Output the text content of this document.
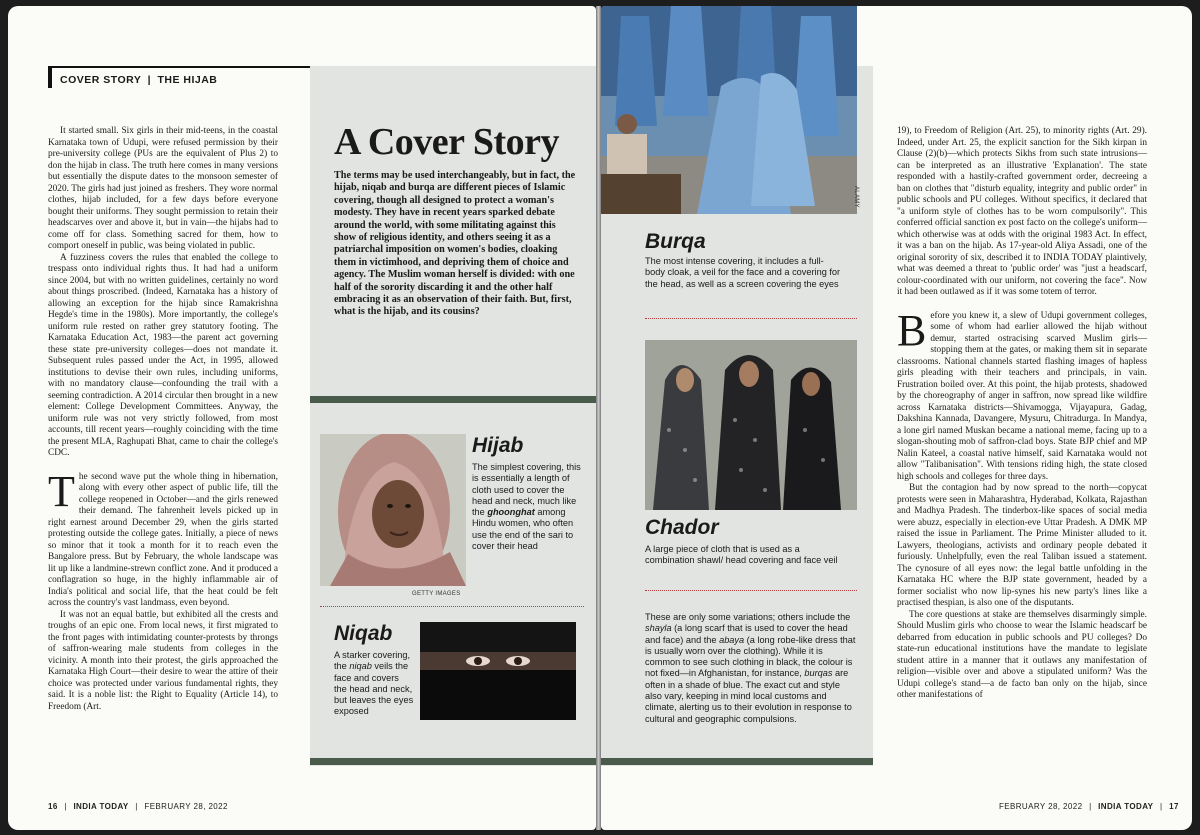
COVER STORY | THE HIJAB

It started small. Six girls in their mid-teens, in the coastal Karnataka town of Udupi, were refused permission by their pre-university college (PUs are the equivalent of Plus 2) to don the hijab in class. The truth here comes in many versions but essentially the dispute dates to the monsoon semester of 2020. The girls had just joined as freshers. They wore normal clothes, hijab included, for a few days before everyone bought their uniforms. They sought permission to retain their headscarves over and above it, but in vain—the hijabs had to come off for class. Something sacred for them, how to comport oneself in public, was being violated in public.

A fuzziness covers the rules that enabled the college to trespass onto individual rights thus. It had had a uniform since 2004, but with no written guidelines, certainly no word about things proscribed. (Indeed, Karnataka has a history of allowing an exception for the hijab since Ramakrishna Hegde's time in the 1980s). More importantly, the college's uniform rule rested on rather grey statutory footing. The Karnataka Education Act, 1983—the parent act governing these state pre-university colleges—does not mandate it. Subsequent rules passed under the Act, in 1995, allowed institutions to devise their own rules, including uniforms, with no mandatory clause—confounding the trail with a seeming contradiction. A 2014 circular then brought in a new element: College Development Committees. Anyway, the uniform rule was not very strictly followed, from most accounts, till recent years—roughly coinciding with the time the present MLA, Raghupati Bhat, came to chair the college's CDC.

The second wave put the whole thing in hibernation, along with every other aspect of public life, till the college reopened in October—and the girls renewed their demand. The fahrenheit levels picked up in right earnest around December 29, when the girls started protesting outside the college gates. Initially, a piece of news so minor that it took a month for it to reach even the Bangalore press. But by February, the whole landscape was lit up like a landmine-strewn conflict zone. And it produced a conflagration so huge, in the highly inflammable air of India's political and social life, that the heat could be felt across the country's vast landmass, even beyond.

It was not an equal battle, but exhibited all the crests and troughs of an epic one. From local news, it first migrated to the front pages with intimidating counter-protests by throngs of saffron-wearing male students from colleges in the vicinity. A month into their protest, the girls approached the Karnataka High Court—their desire to wear the attire of their choice was protected under various fundamental rights, they said. It is a noble list: the Right to Equality (Article 14), to Freedom (Art.

A Cover Story
The terms may be used interchangeably, but in fact, the hijab, niqab and burqa are different pieces of Islamic covering, though all designed to protect a woman's modesty. They have in recent years sparked debate around the world, with some militating against this show of religious identity, and others seeing it as a patriarchal imposition on women's bodies, cloaking them in victimhood, and depriving them of choice and agency. The Muslim woman herself is divided: with one half of the sorority discarding it and the other half embracing it as an observation of their faith. But, first, what is the hijab, and its cousins?
GETTY IMAGES
Hijab
The simplest covering, this is essentially a length of cloth used to cover the head and neck, much like the ghoonghat among Hindu women, who often use the end of the sari to cover their head
Niqab
A starker covering, the niqab veils the face and covers the head and neck, but leaves the eyes exposed
16 | INDIA TODAY | FEBRUARY 28, 2022
ALAMY
Burqa
The most intense covering, it includes a full-body cloak, a veil for the face and a covering for the head, as well as a screen covering the eyes
Chador
A large piece of cloth that is used as a combination shawl/ head covering and face veil
These are only some variations; others include the shayla (a long scarf that is used to cover the head and face) and the abaya (a long robe-like dress that is usually worn over the clothing). While it is common to see such clothing in black, the colour is not fixed—in Afghanistan, for instance, burqas are often in a shade of blue. The exact cut and style also vary, keeping in mind local customs and climate, alerting us to their evolution in response to cultural and geographic compulsions.

19), to Freedom of Religion (Art. 25), to minority rights (Art. 29). Indeed, under Art. 25, the explicit sanction for the Sikh kirpan in Clause (2)(b)—which protects Sikhs from such state intrusions—can be interpreted as an illustrative 'Explanation'. The state responded with a hastily-crafted government order, decreeing a ban on clothes that "disturb equality, integrity and public order" in public schools and PU colleges. Without specifics, it declared that "a uniform style of clothes has to be worn compulsorily". This conferred official sanction ex post facto on the college's uniform—which otherwise was at odds with the original 1983 Act. In effect, it was a ban on the hijab. As 17-year-old Aliya Assadi, one of the original sorority of six, described it to INDIA TODAY plaintively, what was deemed a threat to 'public order' was "just a headscarf, colour-coordinated with our uniform, not covering the face". Now it had been outlawed as if it was some totem of terror.

Before you knew it, a slew of Udupi government colleges, some of whom had earlier allowed the hijab without demur, started ostracising scarved Muslim girls—stopping them at the gates, or making them sit in separate classrooms. National channels started flashing images of hapless girls pleading with their teachers and principals, in vain. Frustration boiled over. At this point, the hijab protests, shadowed by the choreography of anger in saffron, now spread like wildfire across Karnataka districts—Shivamogga, Vijayapura, Gadag, Dakshina Kannada, Davangere, Mysuru, Chitradurga. In Mandya, a lone girl named Muskan became a national meme, facing up to a slogan-shouting mob of saffron-clad boys. State BJP chief and MP Nalin Kateel, a coastal native himself, said Karnataka would not allow "Talibanisation". With tensions riding high, the state closed high schools and colleges for three days.

But the contagion had by now spread to the north—copycat protests were seen in Maharashtra, Hyderabad, Kolkata, Rajasthan and Madhya Pradesh. The tinderbox-like spaces of social media were abuzz, especially in election-eve Uttar Pradesh. A DMK MP raised the issue in Parliament. The Prime Minister alluded to it. Lawyers, theologians, activists and ordinary people debated it furiously. Unhelpfully, even the real Taliban issued a statement. The cynosure of all eyes now: the legal battle unfolding in the Karnataka HC where the BJP state government, headed by a former socialist who now lip-synes his new party's lines like a practised thespian, is also one of the disputants.

The core questions at stake are themselves disarmingly simple. Should Muslim girls who choose to wear the Islamic headscarf be debarred from education in public schools and PU colleges? Do state-run educational institutions have the mandate to legislate student attire in a manner that it outlaws any manifestation of religion—visible over and above a stipulated uniform? Was the Udupi college's stand—a de facto ban only on the hijab, since other manifestations of

FEBRUARY 28, 2022 | INDIA TODAY | 17
